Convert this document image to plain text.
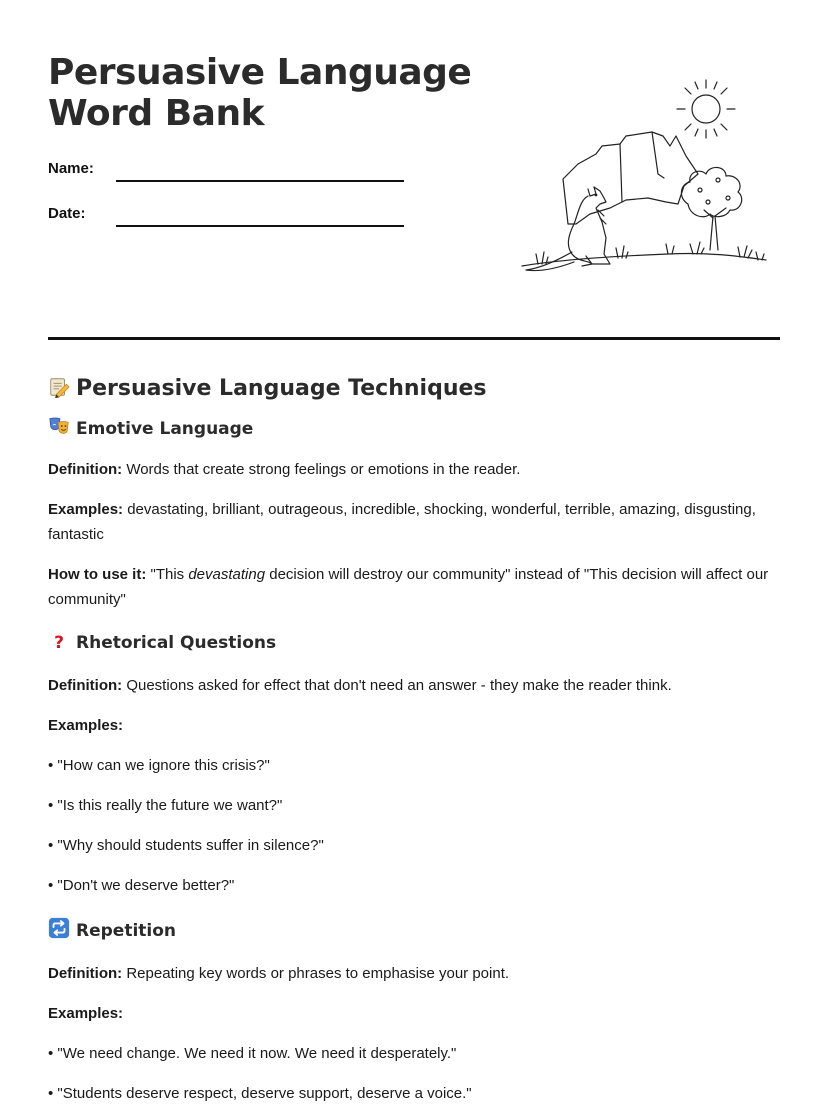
Persuasive Language
Word Bank
Name:
Date:
Persuasive Language Techniques
Emotive Language

Definition: Words that create strong feelings or emotions in the reader.

Examples: devastating, brilliant, outrageous, incredible, shocking, wonderful, terrible, amazing, disgusting, fantastic

How to use it: "This devastating decision will destroy our community" instead of "This decision will affect our community"

? Rhetorical Questions

Definition: Questions asked for effect that don't need an answer - they make the reader think.

Examples:

• "How can we ignore this crisis?"

• "Is this really the future we want?"

• "Why should students suffer in silence?"

• "Don't we deserve better?"

Repetition

Definition: Repeating key words or phrases to emphasise your point.

Examples:

• "We need change. We need it now. We need it desperately."

• "Students deserve respect, deserve support, deserve a voice."
